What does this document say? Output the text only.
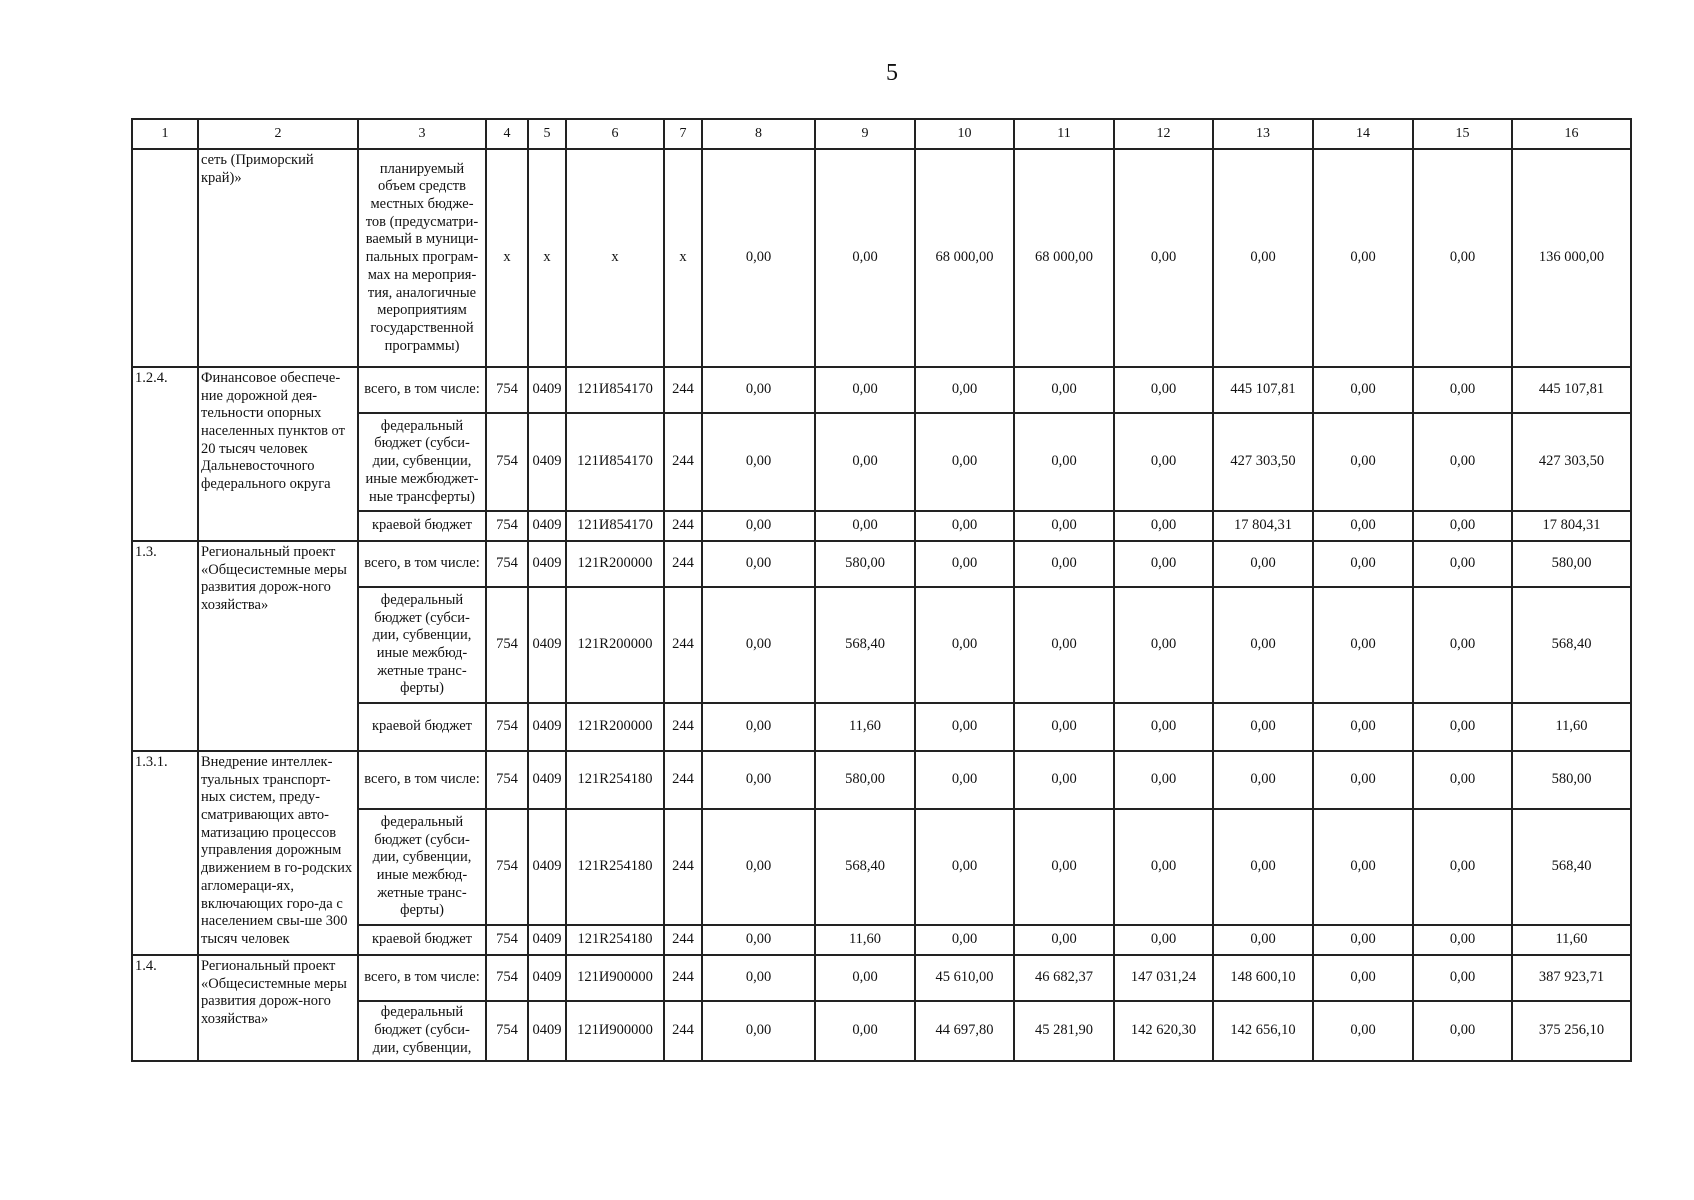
5
1	2	3	4	5	6	7	8	9	10	11	12	13	14	15	16
	сеть (Приморский край)»	планируемый объем средств местных бюдже-тов (предусматри-ваемый в муници-пальных програм-мах на мероприя-тия, аналогичные мероприятиям государственной программы)	x	x	x	x	0,00	0,00	68 000,00	68 000,00	0,00	0,00	0,00	0,00	136 000,00
1.2.4.	Финансовое обеспече-ние дорожной дея-тельности опорных населенных пунктов от 20 тысяч человек Дальневосточного федерального округа	всего, в том числе:	754	0409	121И854170	244	0,00	0,00	0,00	0,00	0,00	445 107,81	0,00	0,00	445 107,81
		федеральный бюджет (субси-дии, субвенции, иные межбюджет-ные трансферты)	754	0409	121И854170	244	0,00	0,00	0,00	0,00	0,00	427 303,50	0,00	0,00	427 303,50
		краевой бюджет	754	0409	121И854170	244	0,00	0,00	0,00	0,00	0,00	17 804,31	0,00	0,00	17 804,31
1.3.	Региональный проект «Общесистемные меры развития дорож-ного хозяйства»	всего, в том числе:	754	0409	121R200000	244	0,00	580,00	0,00	0,00	0,00	0,00	0,00	0,00	580,00
		федеральный бюджет (субси-дии, субвенции, иные межбюд-жетные транс-ферты)	754	0409	121R200000	244	0,00	568,40	0,00	0,00	0,00	0,00	0,00	0,00	568,40
		краевой бюджет	754	0409	121R200000	244	0,00	11,60	0,00	0,00	0,00	0,00	0,00	0,00	11,60
1.3.1.	Внедрение интеллек-туальных транспорт-ных систем, преду-сматривающих авто-матизацию процессов управления дорожным движением в го-родских агломераци-ях, включающих горо-да с населением свы-ше 300 тысяч человек	всего, в том числе:	754	0409	121R254180	244	0,00	580,00	0,00	0,00	0,00	0,00	0,00	0,00	580,00
		федеральный бюджет (субси-дии, субвенции, иные межбюд-жетные транс-ферты)	754	0409	121R254180	244	0,00	568,40	0,00	0,00	0,00	0,00	0,00	0,00	568,40
		краевой бюджет	754	0409	121R254180	244	0,00	11,60	0,00	0,00	0,00	0,00	0,00	0,00	11,60
1.4.	Региональный проект «Общесистемные меры развития дорож-ного хозяйства»	всего, в том числе:	754	0409	121И900000	244	0,00	0,00	45 610,00	46 682,37	147 031,24	148 600,10	0,00	0,00	387 923,71
		федеральный бюджет (субси-дии, субвенции,	754	0409	121И900000	244	0,00	0,00	44 697,80	45 281,90	142 620,30	142 656,10	0,00	0,00	375 256,10
